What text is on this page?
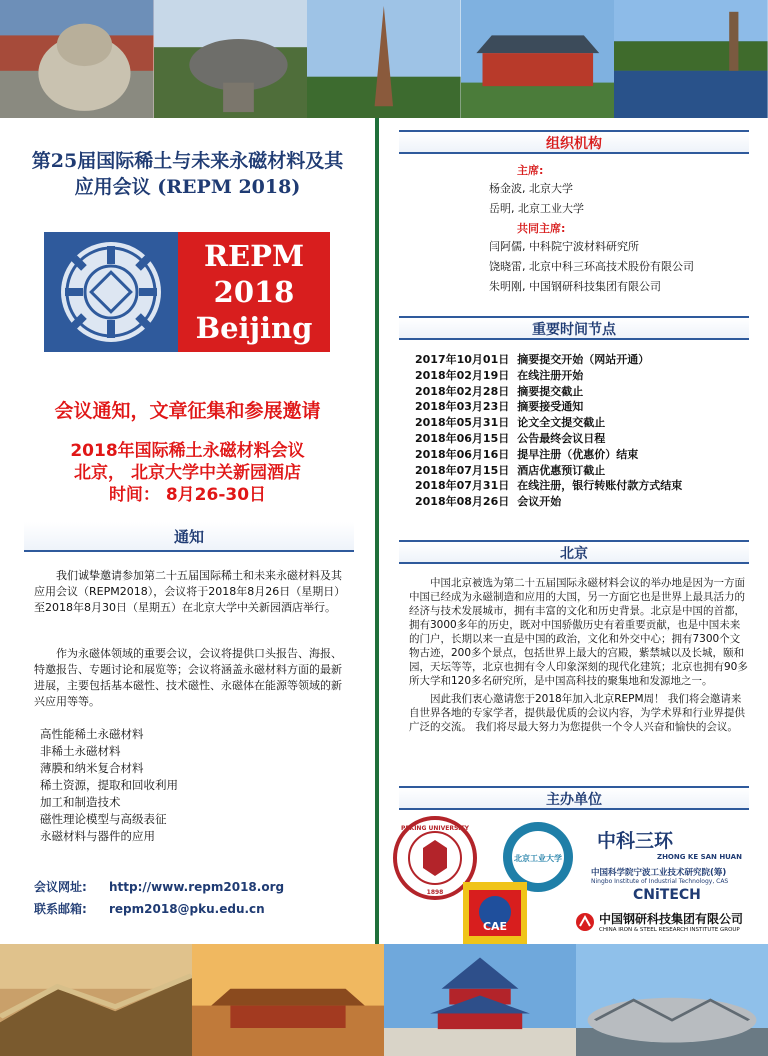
第25届国际稀土与未来永磁材料及其
应用会议 (REPM 2018)
REPM
2018
Beijing
会议通知，文章征集和参展邀请
2018年国际稀土永磁材料会议
北京， 北京大学中关新园酒店
时间： 8月26-30日
通知

我们诚挚邀请参加第二十五届国际稀土和未来永磁材料及其应用会议（REPM2018），会议将于2018年8月26日（星期日）至2018年8月30日（星期五）在北京大学中关新园酒店举行。

作为永磁体领域的重要会议，会议将提供口头报告、海报、特邀报告、专题讨论和展览等；会议将涵盖永磁材料方面的最新进展，主要包括基本磁性、技术磁性、永磁体在能源等领域的新兴应用等等。

高性能稀土永磁材料
非稀土永磁材料
薄膜和纳米复合材料
稀土资源，提取和回收利用
加工和制造技术
磁性理论模型与高级表征
永磁材料与器件的应用
会议网址: http://www.repm2018.org
联系邮箱: repm2018@pku.edu.cn
组织机构
主席:
杨金波, 北京大学
岳明, 北京工业大学
共同主席:
闫阿儒, 中科院宁波材料研究所
饶晓雷, 北京中科三环高技术股份有限公司
朱明刚, 中国钢研科技集团有限公司
重要时间节点
2017年10月01日 摘要提交开始（网站开通）
2018年02月19日 在线注册开始
2018年02月28日 摘要提交截止
2018年03月23日 摘要接受通知
2018年05月31日 论文全文提交截止
2018年06月15日 公告最终会议日程
2018年06月16日 提早注册（优惠价）结束
2018年07月15日 酒店优惠预订截止
2018年07月31日 在线注册，银行转账付款方式结束
2018年08月26日 会议开始
北京

中国北京被选为第二十五届国际永磁材料会议的举办地是因为一方面中国已经成为永磁制造和应用的大国，另一方面它也是世界上最具活力的经济与技术发展城市，拥有丰富的文化和历史背景。北京是中国的首都，拥有3000多年的历史，既对中国骄傲历史有着重要贡献，也是中国未来的门户，长期以来一直是中国的政治，文化和外交中心；拥有7300个文物古迹，200多个景点，包括世界上最大的宫殿，紫禁城以及长城，颐和园，天坛等等，北京也拥有令人印象深刻的现代化建筑；北京也拥有90多所大学和120多名研究所，是中国高科技的聚集地和发源地之一。

因此我们衷心邀请您于2018年加入北京REPM周！ 我们将会邀请来自世界各地的专家学者，提供最优质的会议内容，为学术界和行业界提供广泛的交流。 我们将尽最大努力为您提供一个令人兴奋和愉快的会议。

主办单位
PEKING UNIVERSITY
1898
北京工业大学
中科三环
ZHONG KE SAN HUAN
中国科学院宁波工业技术研究院(筹)
Ningbo Institute of Industrial Technology, CAS
CNiTECH
CAE
中国钢研科技集团有限公司
CHINA IRON & STEEL RESEARCH INSTITUTE GROUP
